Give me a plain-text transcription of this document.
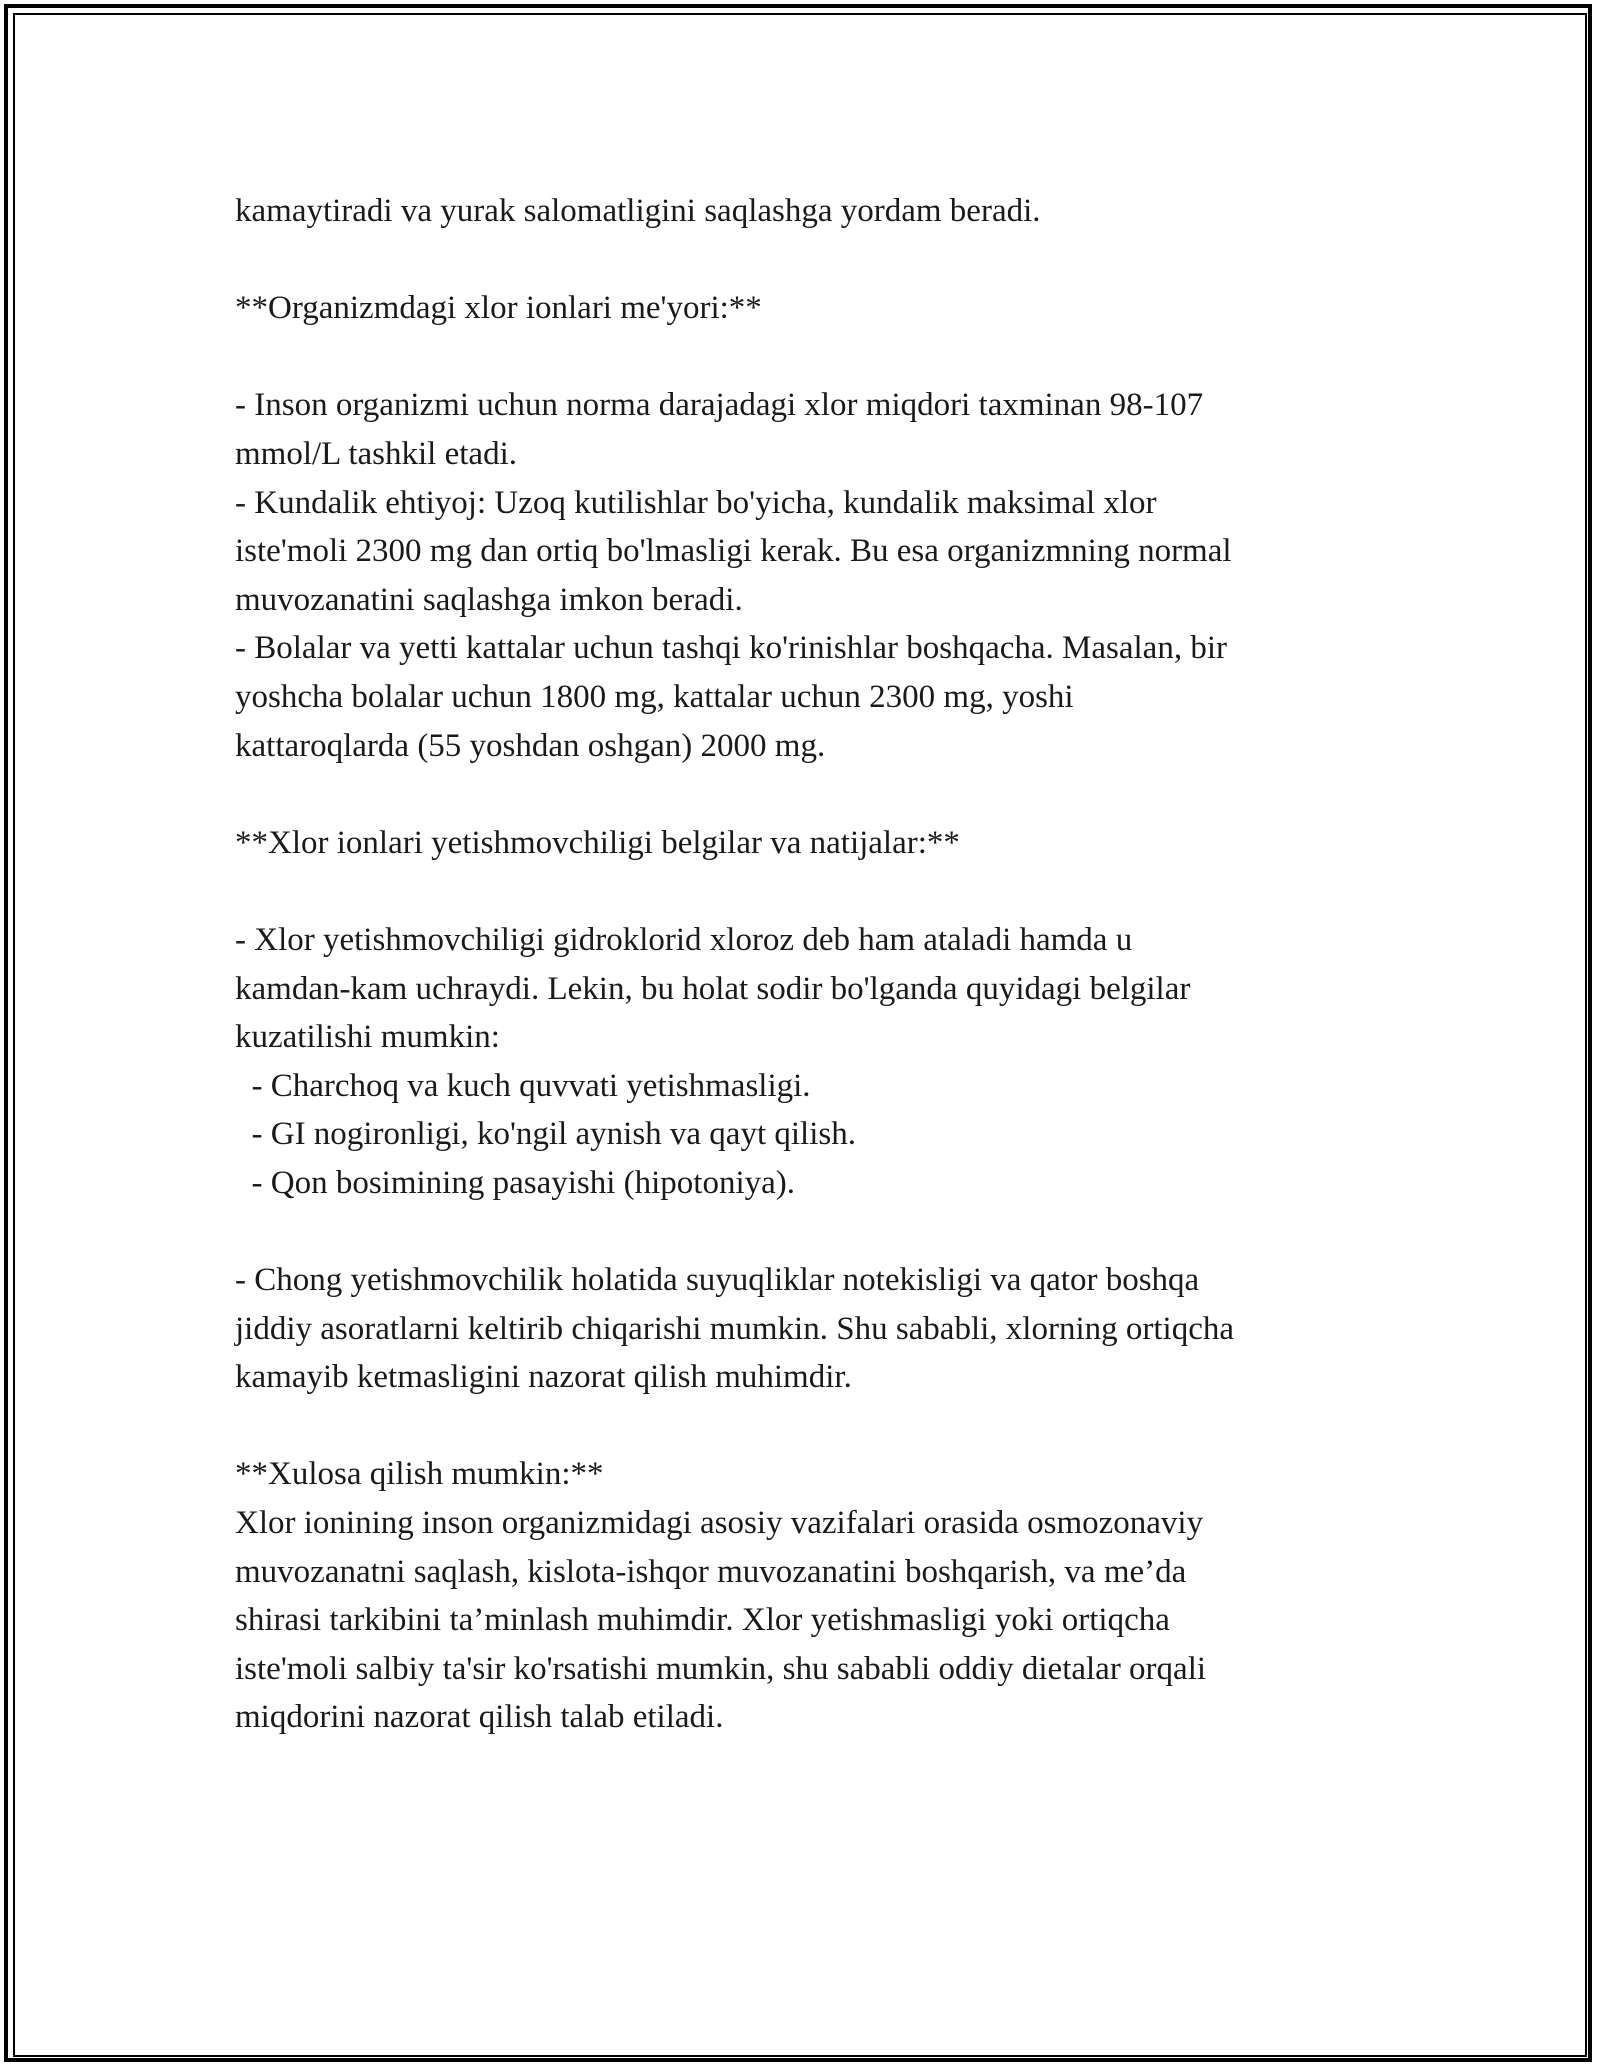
kamaytiradi va yurak salomatligini saqlashga yordam beradi.
**Organizmdagi xlor ionlari me'yori:**
- Inson organizmi uchun norma darajadagi xlor miqdori taxminan 98-107
mmol/L tashkil etadi.
- Kundalik ehtiyoj: Uzoq kutilishlar bo'yicha, kundalik maksimal xlor
iste'moli 2300 mg dan ortiq bo'lmasligi kerak. Bu esa organizmning normal
muvozanatini saqlashga imkon beradi.
- Bolalar va yetti kattalar uchun tashqi ko'rinishlar boshqacha. Masalan, bir
yoshcha bolalar uchun 1800 mg, kattalar uchun 2300 mg, yoshi
kattaroqlarda (55 yoshdan oshgan) 2000 mg.
**Xlor ionlari yetishmovchiligi belgilar va natijalar:**
- Xlor yetishmovchiligi gidroklorid xloroz deb ham ataladi hamda u
kamdan-kam uchraydi. Lekin, bu holat sodir bo'lganda quyidagi belgilar
kuzatilishi mumkin:
- Charchoq va kuch quvvati yetishmasligi.
- GI nogironligi, ko'ngil aynish va qayt qilish.
- Qon bosimining pasayishi (hipotoniya).
- Chong yetishmovchilik holatida suyuqliklar notekisligi va qator boshqa
jiddiy asoratlarni keltirib chiqarishi mumkin. Shu sababli, xlorning ortiqcha
kamayib ketmasligini nazorat qilish muhimdir.
**Xulosa qilish mumkin:**
Xlor ionining inson organizmidagi asosiy vazifalari orasida osmozonaviy
muvozanatni saqlash, kislota-ishqor muvozanatini boshqarish, va me’da
shirasi tarkibini ta’minlash muhimdir. Xlor yetishmasligi yoki ortiqcha
iste'moli salbiy ta'sir ko'rsatishi mumkin, shu sababli oddiy dietalar orqali
miqdorini nazorat qilish talab etiladi.
